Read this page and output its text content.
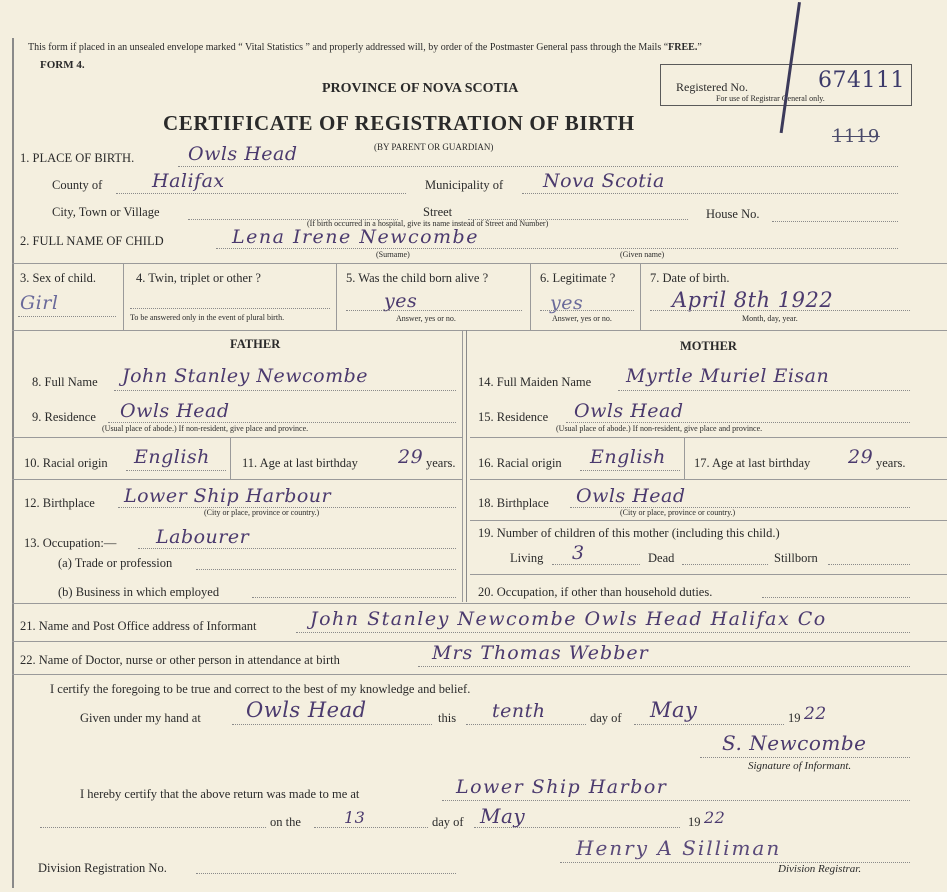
This form if placed in an unsealed envelope marked “ Vital Statistics ” and properly addressed will, by order of the Postmaster General pass through the Mails “FREE.”
FORM 4.
PROVINCE OF NOVA SCOTIA
CERTIFICATE OF REGISTRATION OF BIRTH
(BY PARENT OR GUARDIAN)
Registered No.
For use of Registrar General only.
674111
1119
1. PLACE OF BIRTH.	Owls Head
County of	Halifax	Municipality of Nova Scotia
City, Town or Village	Street
(If birth occurred in a hospital, give its name instead of Street and Number)
House No.
2. FULL NAME OF CHILD	Lena Irene Newcombe
(Surname)	(Given name)
3. Sex of child.
Girl
4. Twin, triplet or other ?
To be answered only in the event of plural birth.
5. Was the child born alive ?
yes
Answer, yes or no.
6. Legitimate ?
yes
Answer, yes or no.
7. Date of birth.
April 8th 1922
Month, day, year.
FATHER	MOTHER
8. Full Name John Stanley Newcombe
9. Residence Owls Head
(Usual place of abode.) If non-resident, give place and province.
10. Racial origin English	11. Age at last birthday 29 years.
12. Birthplace Lower Ship Harbour
(City or place, province or country.)
13. Occupation:— Labourer
(a) Trade or profession
(b) Business in which employed
14. Full Maiden Name Myrtle Muriel Eisan
15. Residence Owls Head
(Usual place of abode.) If non-resident, give place and province.
16. Racial origin English 17. Age at last birthday 29 years.
18. Birthplace Owls Head
(City or place, province or country.)
19. Number of children of this mother (including this child.)
Living 3	Dead	Stillborn
20. Occupation, if other than household duties.
21. Name and Post Office address of Informant	John Stanley Newcombe Owls Head Halifax Co
22. Name of Doctor, nurse or other person in attendance at birth	Mrs Thomas Webber
I certify the foregoing to be true and correct to the best of my knowledge and belief.
Given under my hand at Owls Head	this tenth	day of May	19 22
S. Newcombe
Signature of Informant.
I hereby certify that the above return was made to me at	Lower Ship Harbor
on the	13	day of May	19 22
Division Registration No.
Henry A Silliman
Division Registrar.
